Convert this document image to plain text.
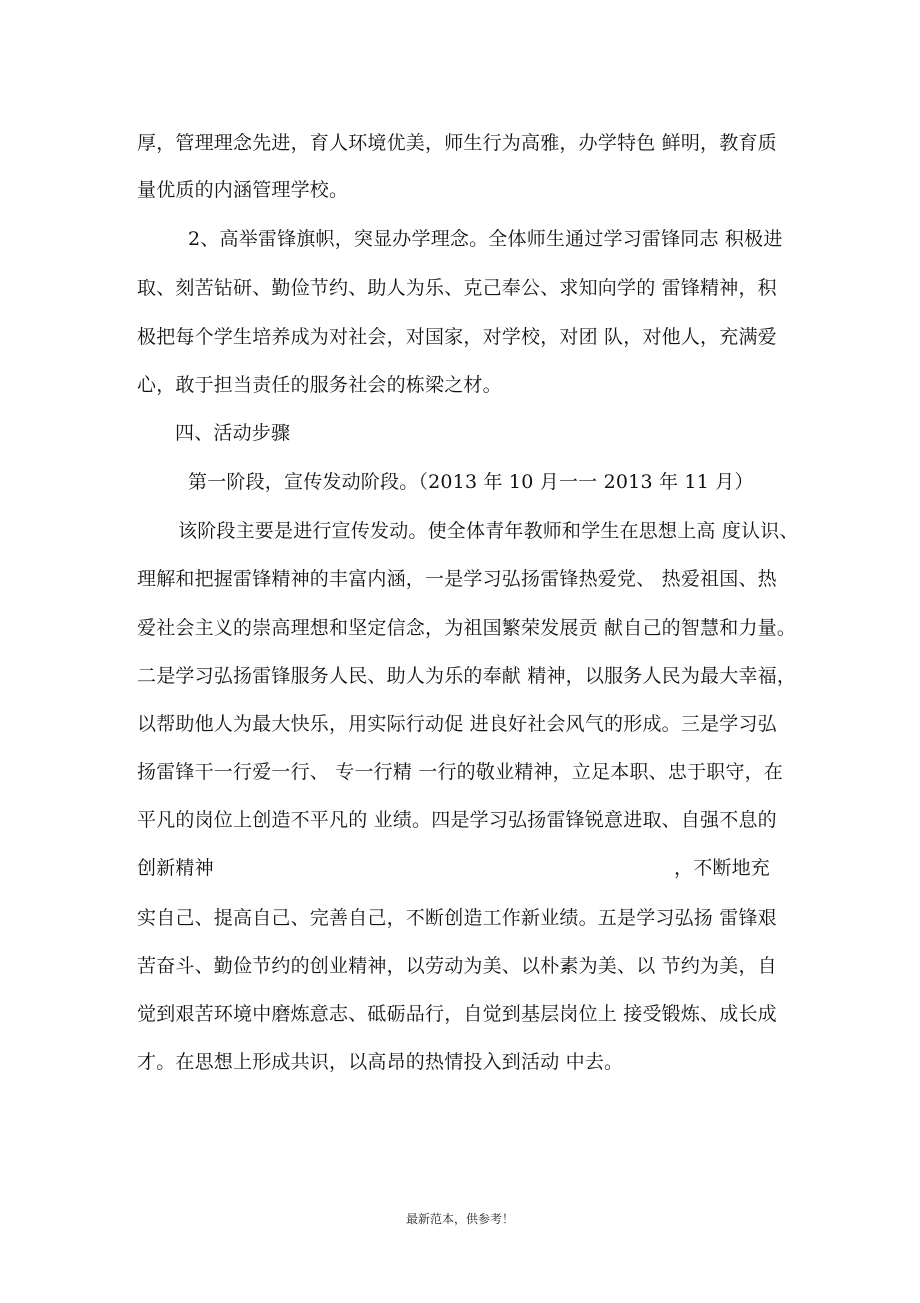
厚，管理理念先进，育人环境优美，师生行为高雅，办学特色 鲜明，教育质
量优质的内涵管理学校。
2、高举雷锋旗帜，突显办学理念。全体师生通过学习雷锋同志 积极进
取、刻苦钻研、勤俭节约、助人为乐、克己奉公、求知向学的 雷锋精神，积
极把每个学生培养成为对社会，对国家，对学校，对团 队，对他人，充满爱
心，敢于担当责任的服务社会的栋梁之材。
四、活动步骤
第一阶段，宣传发动阶段。（2013 年 10 月一一 2013 年 11 月）
该阶段主要是进行宣传发动。使全体青年教师和学生在思想上高 度认识、
理解和把握雷锋精神的丰富内涵，一是学习弘扬雷锋热爱党、 热爱祖国、热
爱社会主义的崇高理想和坚定信念，为祖国繁荣发展贡 献自己的智慧和力量。
二是学习弘扬雷锋服务人民、助人为乐的奉献 精神，以服务人民为最大幸福，
以帮助他人为最大快乐，用实际行动促 进良好社会风气的形成。三是学习弘
扬雷锋干一行爱一行、 专一行精 一行的敬业精神，立足本职、忠于职守，在
平凡的岗位上创造不平凡的 业绩。四是学习弘扬雷锋锐意进取、自强不息的
创新精神	，不断地充
实自己、提高自己、完善自己，不断创造工作新业绩。五是学习弘扬 雷锋艰
苦奋斗、勤俭节约的创业精神，以劳动为美、以朴素为美、以 节约为美，自
觉到艰苦环境中磨炼意志、砥砺品行，自觉到基层岗位上 接受锻炼、成长成
才。在思想上形成共识，以高昂的热情投入到活动 中去。
最新范本，供参考！
